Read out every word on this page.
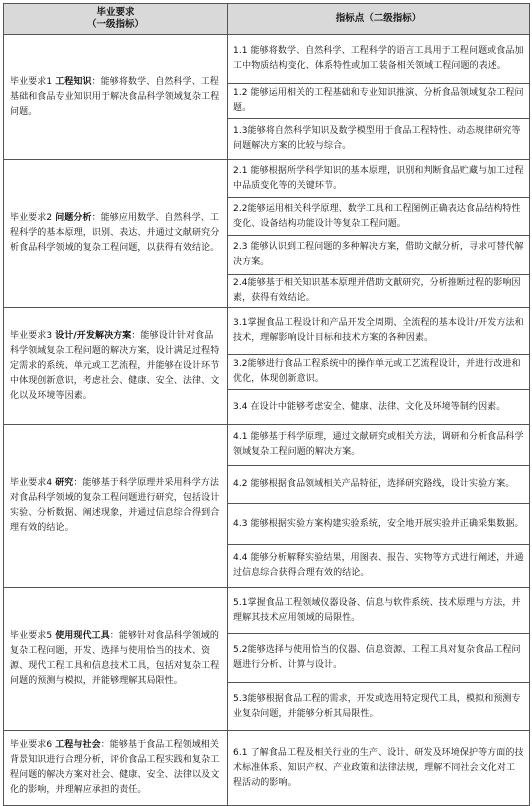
毕业要求
（一级指标）	指标点（二级指标）
毕业要求1 工程知识：能够将数学、自然科学、工程基础和食品专业知识用于解决食品科学领域复杂工程问题。	1.1 能够将数学、自然科学、工程科学的语言工具用于工程问题或食品加工中物质结构变化、体系特性或加工装备相关领域工程问题的表述。
	1.2 能够运用相关的工程基础和专业知识推演、分析食品领域复杂工程问题。
	1.3能够将自然科学知识及数学模型用于食品工程特性、动态规律研究等问题解决方案的比较与综合。
毕业要求2 问题分析：能够应用数学、自然科学、工程科学的基本原理，识别、表达、并通过文献研究分析食品科学领域的复杂工程问题，以获得有效结论。	2.1 能够根据所学科学知识的基本原理，识别和判断食品贮藏与加工过程中品质变化等的关键环节。
	2.2能够运用相关科学原理、数学工具和工程图例正确表达食品结构特性变化、设备结构功能设计等复杂工程问题。
	2.3 能够认识到工程问题的多种解决方案，借助文献分析，寻求可替代解决方案。
	2.4能够基于相关知识基本原理并借助文献研究，分析推断过程的影响因素，获得有效结论。
毕业要求3 设计/开发解决方案：能够设计针对食品科学领域复杂工程问题的解决方案，设计满足过程特定需求的系统、单元或工艺流程，并能够在设计环节中体现创新意识，考虑社会、健康、安全、法律、文化以及环境等因素。	3.1掌握食品工程设计和产品开发全周期、全流程的基本设计/开发方法和技术，理解影响设计目标和技术方案的各种因素。
	3.2能够进行食品工程系统中的操作单元或工艺流程设计，并进行改进和优化，体现创新意识。
	3.4 在设计中能够考虑安全、健康、法律、文化及环境等制约因素。
毕业要求4 研究：能够基于科学原理并采用科学方法对食品科学领域的复杂工程问题进行研究，包括设计实验、分析数据、阐述现象，并通过信息综合得到合理有效的结论。	4.1 能够基于科学原理，通过文献研究或相关方法，调研和分析食品科学领域复杂工程问题的解决方案。
	4.2 能够根据食品领域相关产品特征，选择研究路线，设计实验方案。
	4.3 能够根据实验方案构建实验系统，安全地开展实验并正确采集数据。
	4.4 能够分析解释实验结果，用图表、报告、实物等方式进行阐述，并通过信息综合获得合理有效的结论。
毕业要求5 使用现代工具：能够针对食品科学领域的复杂工程问题，开发、选择与使用恰当的技术、资源、现代工程工具和信息技术工具，包括对复杂工程问题的预测与模拟，并能够理解其局限性。	5.1掌握食品工程领域仪器设备、信息与软件系统、技术原理与方法，并理解其技术应用领域的局限性。
	5.2能够选择与使用恰当的仪器、信息资源、工程工具对复杂食品工程问题进行分析、计算与设计。
	5.3能够根据食品工程的需求，开发或选用特定现代工具，模拟和预测专业复杂问题，并能够分析其局限性。
毕业要求6 工程与社会：能够基于食品工程领域相关背景知识进行合理分析，评价食品工程实践和复杂工程问题的解决方案对社会、健康、安全、法律以及文化的影响，并理解应承担的责任。	6.1 了解食品工程及相关行业的生产、设计、研发及环境保护等方面的技术标准体系、知识产权、产业政策和法律法规，理解不同社会文化对工程活动的影响。
